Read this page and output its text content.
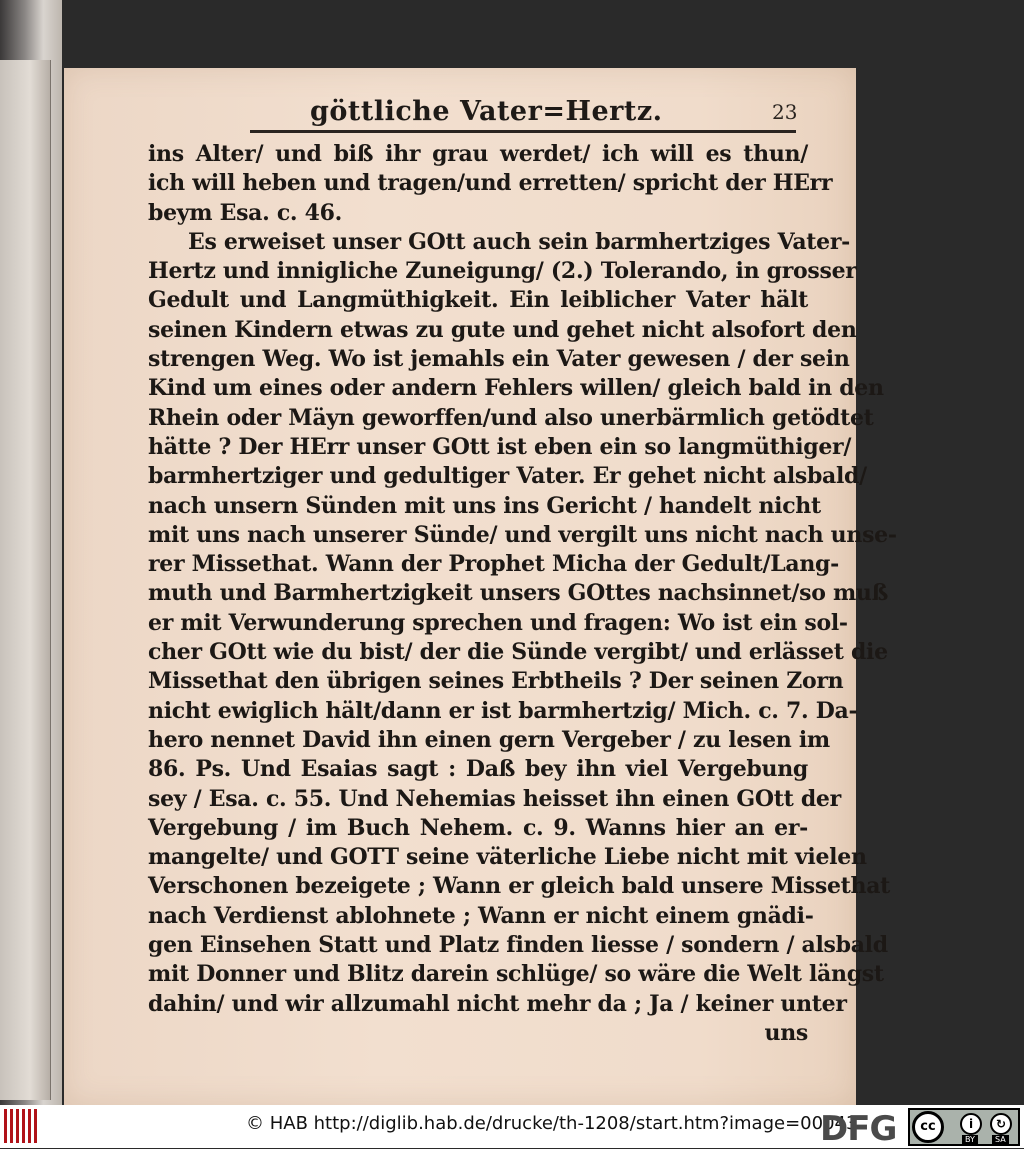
göttliche Vater=Hertz.	23
ins Alter/ und biß ihr grau werdet/ ich will es thun/
ich will heben und tragen/und erretten/ spricht der HErr
beym Esa. c. 46.
Es erweiset unser GOtt auch sein barmhertziges Vater-
Hertz und innigliche Zuneigung/ (2.) Tolerando, in grosser
Gedult und Langmüthigkeit. Ein leiblicher Vater hält
seinen Kindern etwas zu gute und gehet nicht alsofort den
strengen Weg. Wo ist jemahls ein Vater gewesen / der sein
Kind um eines oder andern Fehlers willen/ gleich bald in den
Rhein oder Mäyn geworffen/und also unerbärmlich getödtet
hätte ? Der HErr unser GOtt ist eben ein so langmüthiger/
barmhertziger und gedultiger Vater. Er gehet nicht alsbald/
nach unsern Sünden mit uns ins Gericht / handelt nicht
mit uns nach unserer Sünde/ und vergilt uns nicht nach unse-
rer Missethat. Wann der Prophet Micha der Gedult/Lang-
muth und Barmhertzigkeit unsers GOttes nachsinnet/so muß
er mit Verwunderung sprechen und fragen: Wo ist ein sol-
cher GOtt wie du bist/ der die Sünde vergibt/ und erlässet die
Missethat den übrigen seines Erbtheils ? Der seinen Zorn
nicht ewiglich hält/dann er ist barmhertzig/ Mich. c. 7. Da-
hero nennet David ihn einen gern Vergeber / zu lesen im
86. Ps. Und Esaias sagt : Daß bey ihn viel Vergebung
sey / Esa. c. 55. Und Nehemias heisset ihn einen GOtt der
Vergebung / im Buch Nehem. c. 9. Wanns hier an er-
mangelte/ und GOTT seine väterliche Liebe nicht mit vielen
Verschonen bezeigete ; Wann er gleich bald unsere Missethat
nach Verdienst ablohnete ; Wann er nicht einem gnädi-
gen Einsehen Statt und Platz finden liesse / sondern / alsbald
mit Donner und Blitz darein schlüge/ so wäre die Welt längst
dahin/ und wir allzumahl nicht mehr da ; Ja / keiner unter
uns
© HAB http://diglib.hab.de/drucke/th-1208/start.htm?image=00043
DFG	cc	i	↻
BY	SA
